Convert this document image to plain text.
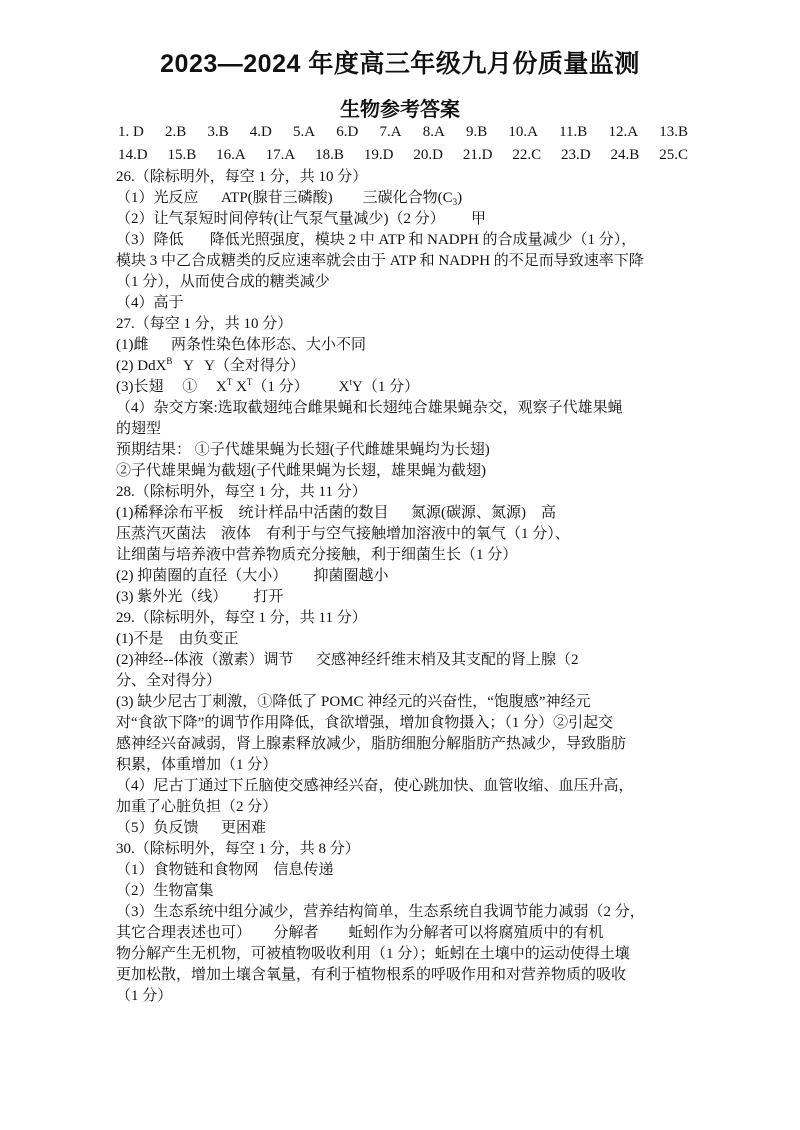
2023—2024 年度高三年级九月份质量监测
生物参考答案
1. D 2.B 3.B 4.D 5.A 6.D 7.A 8.A 9.B 10.A 11.B 12.A 13.B
14.D 15.B 16.A 17.A 18.B 19.D 20.D 21.D 22.C 23.D 24.B 25.C
26.（除标明外，每空 1 分，共 10 分）
（1）光反应      ATP(腺苷三磷酸)        三碳化合物$(C_3)$
（2）让气泵短时间停转(让气泵气量减少)（2 分）       甲
（3）降低       降低光照强度，模块 2 中 ATP 和 NADPH 的合成量减少（1 分），
模块 3 中乙合成糖类的反应速率就会由于 ATP 和 NADPH 的不足而导致速率下降
（1 分），从而使合成的糖类减少
（4）高于
27.（每空 1 分，共 10 分）
(1)雌      两条性染色体形态、大小不同
(2) DdX$^B$   Y   Y（全对得分）
(3)长翅     ①     $X^T$ $X^T(1$ 分）        $X^tY(1$ 分）
（4）杂交方案:选取截翅纯合雌果蝇和长翅纯合雄果蝇杂交，观察子代雄果蝇
的翅型
预期结果： ①子代雄果蝇为长翅(子代雌雄果蝇均为长翅)
②子代雄果蝇为截翅(子代雌果蝇为长翅，雄果蝇为截翅)
28.（除标明外，每空 1 分，共 11 分）
(1)稀释涂布平板    统计样品中活菌的数目      氮源(碳源、氮源)    高
压蒸汽灭菌法    液体    有利于与空气接触增加溶液中的氧气（1 分）、
让细菌与培养液中营养物质充分接触，利于细菌生长（1 分）
(2) 抑菌圈的直径（大小）       抑菌圈越小
(3) 紫外光（线）       打开
29.（除标明外，每空 1 分，共 11 分）
(1)不是    由负变正
(2)神经--体液（激素）调节      交感神经纤维末梢及其支配的肾上腺（2
分、全对得分）
(3) 缺少尼古丁刺激，①降低了 POMC 神经元的兴奋性，“饱腹感”神经元
对“食欲下降”的调节作用降低，食欲增强，增加食物摄入；（1 分）②引起交
感神经兴奋减弱，肾上腺素释放减少，脂肪细胞分解脂肪产热减少，导致脂肪
积累，体重增加（1 分）
（4）尼古丁通过下丘脑使交感神经兴奋，使心跳加快、血管收缩、血压升高，
加重了心脏负担（2 分）
（5）负反馈      更困难
30.（除标明外，每空 1 分，共 8 分）
（1）食物链和食物网    信息传递
（2）生物富集
（3）生态系统中组分减少，营养结构简单，生态系统自我调节能力减弱（2 分，
其它合理表述也可）      分解者        蚯蚓作为分解者可以将腐殖质中的有机
物分解产生无机物，可被植物吸收利用（1 分）；蚯蚓在土壤中的运动使得土壤
更加松散，增加土壤含氧量，有利于植物根系的呼吸作用和对营养物质的吸收
（1 分）
